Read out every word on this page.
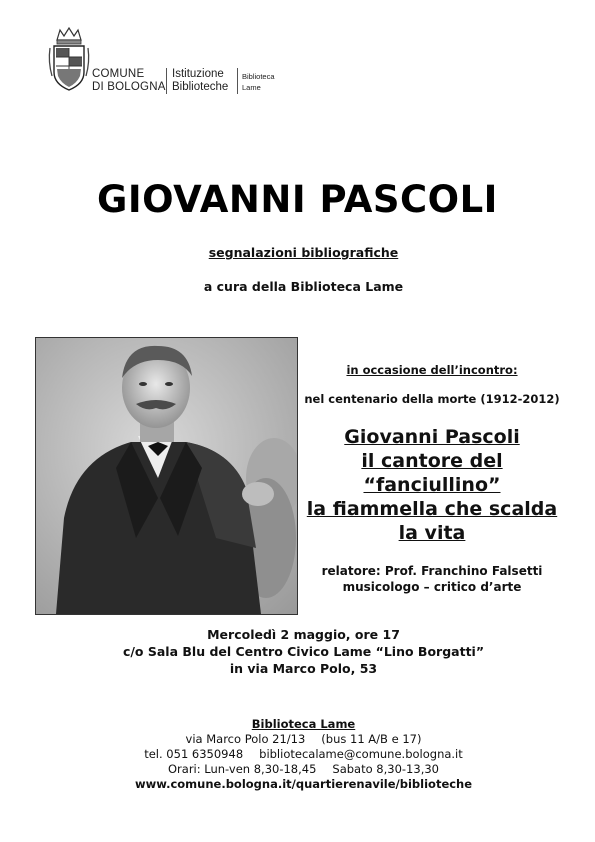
COMUNE
DI BOLOGNA
Istituzione
Biblioteche
Biblioteca
Lame
GIOVANNI PASCOLI
segnalazioni bibliografiche
a cura della Biblioteca Lame
in occasione dell’incontro:
nel centenario della morte (1912-2012)
Giovanni Pascoli
il cantore del
“fanciullino”
la fiammella che scalda
la vita
relatore: Prof. Franchino Falsetti
musicologo – critico d’arte
Mercoledì 2 maggio, ore 17
c/o Sala Blu del Centro Civico Lame “Lino Borgatti”
in via Marco Polo, 53
Biblioteca Lame
via Marco Polo 21/13 (bus 11 A/B e 17)
tel. 051 6350948 bibliotecalame@comune.bologna.it
Orari: Lun-ven 8,30-18,45 Sabato 8,30-13,30
www.comune.bologna.it/quartierenavile/biblioteche
